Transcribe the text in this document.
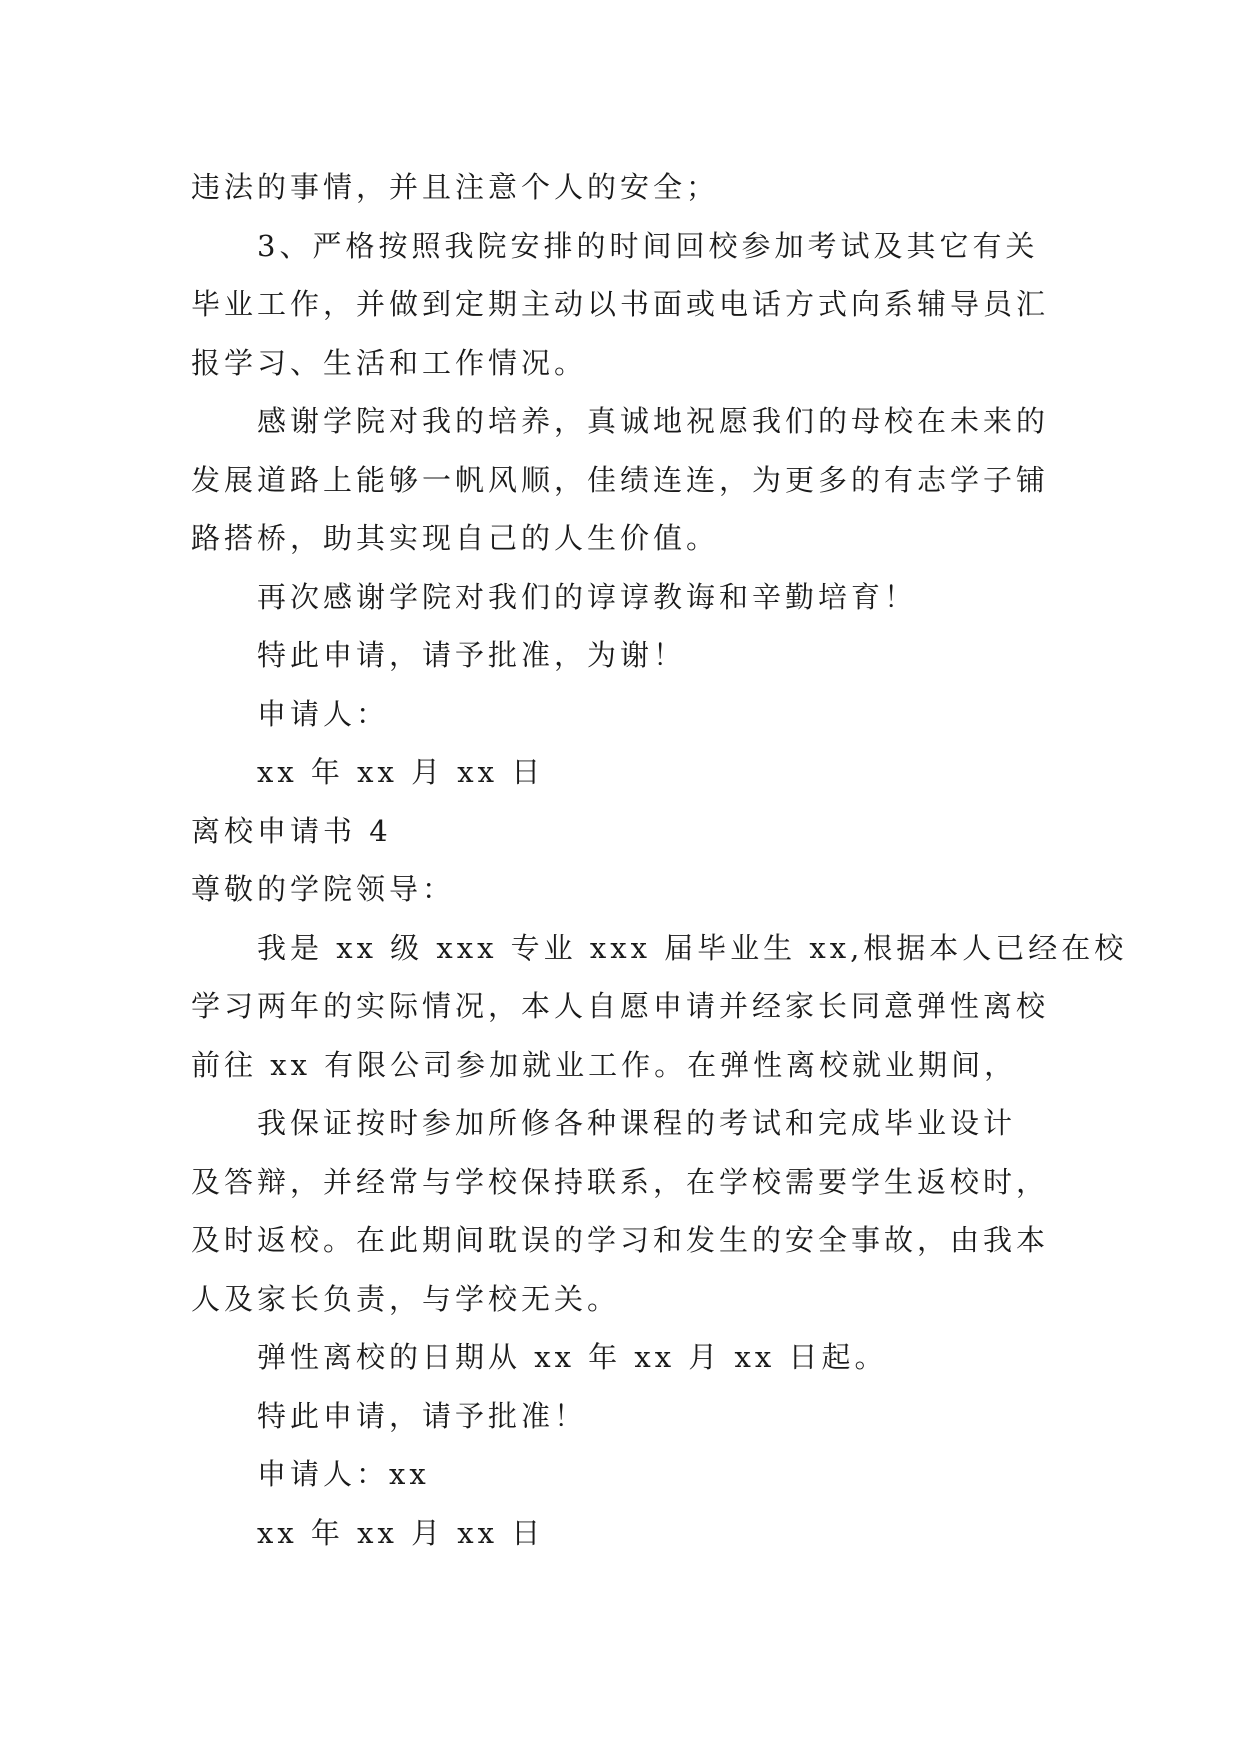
违法的事情，并且注意个人的安全；
3、严格按照我院安排的时间回校参加考试及其它有关
毕业工作，并做到定期主动以书面或电话方式向系辅导员汇
报学习、生活和工作情况。
感谢学院对我的培养，真诚地祝愿我们的母校在未来的
发展道路上能够一帆风顺，佳绩连连，为更多的有志学子铺
路搭桥，助其实现自己的人生价值。
再次感谢学院对我们的谆谆教诲和辛勤培育！
特此申请，请予批准，为谢！
申请人：
xx 年 xx 月 xx 日
离校申请书 4
尊敬的学院领导：
我是 xx 级 xxx 专业 xxx 届毕业生 xx,根据本人已经在校
学习两年的实际情况，本人自愿申请并经家长同意弹性离校
前往 xx 有限公司参加就业工作。在弹性离校就业期间，
我保证按时参加所修各种课程的考试和完成毕业设计
及答辩，并经常与学校保持联系，在学校需要学生返校时，
及时返校。在此期间耽误的学习和发生的安全事故，由我本
人及家长负责，与学校无关。
弹性离校的日期从 xx 年 xx 月 xx 日起。
特此申请，请予批准！
申请人：xx
xx 年 xx 月 xx 日
